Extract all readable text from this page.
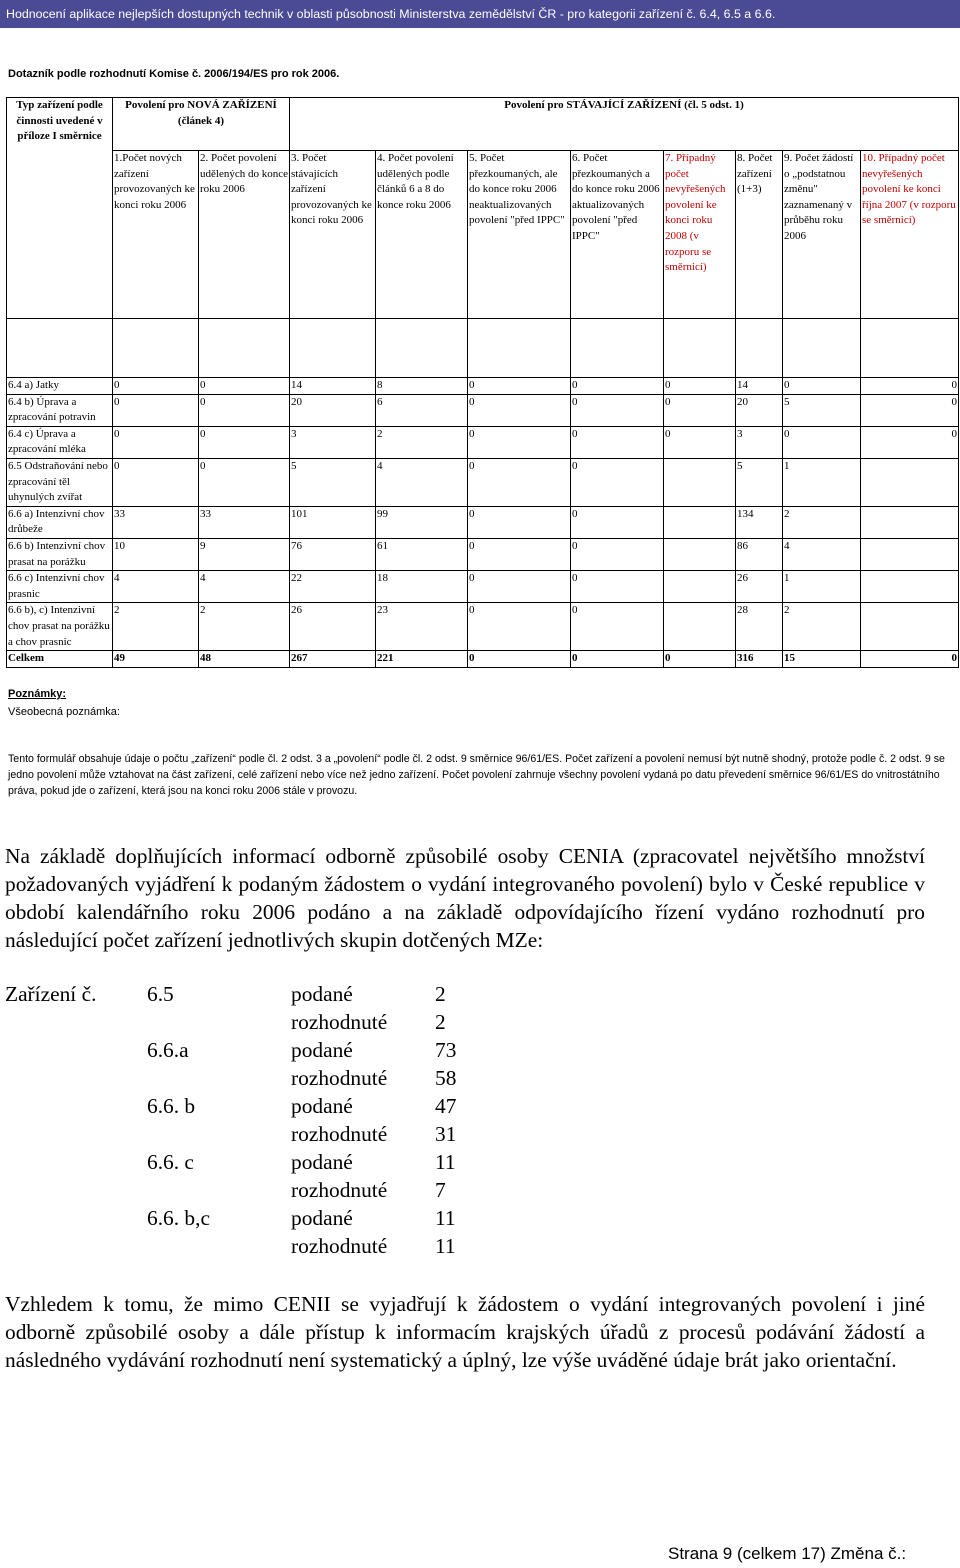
Hodnocení aplikace nejlepších dostupných technik v oblasti působnosti Ministerstva zemědělství ČR - pro kategorii zařízení č. 6.4, 6.5 a 6.6.
Dotazník podle rozhodnutí Komise č. 2006/194/ES pro rok 2006.
Typ zařízení podle činnosti uvedené v příloze I směrnice	Povolení pro NOVÁ ZAŘÍZENÍ (článek 4)		Povolení pro STÁVAJÍCÍ ZAŘÍZENÍ (čl. 5 odst. 1)							
	1.Počet nových zařízení provozovaných ke konci roku 2006	2. Počet povolení udělených do konce roku 2006	3. Počet stávajících zařízení provozovaných ke konci roku 2006	4. Počet povolení udělených podle článků 6 a 8 do konce roku 2006	5. Počet přezkoumaných, ale do konce roku 2006 neaktualizovaných povolení "před IPPC"	6. Počet přezkoumaných a do konce roku 2006 aktualizovaných povolení "před IPPC"	7. Případný počet nevyřešených povolení ke konci roku 2008 (v rozporu se směrnicí)	8. Počet zařízení (1+3)	9. Počet žádostí o „podstatnou změnu" zaznamenaný v průběhu roku 2006	10. Případný počet nevyřešených povolení ke konci října 2007 (v rozporu se směrnicí)

6.4 a) Jatky	0	0	14	8	0	0	0	14	0	0
6.4 b) Úprava a zpracování potravin	0	0	20	6	0	0	0	20	5	0
6.4 c) Úprava a zpracování mléka	0	0	3	2	0	0	0	3	0	0
6.5 Odstraňování nebo zpracování těl uhynulých zvířat	0	0	5	4	0	0		5	1	
6.6 a) Intenzivní chov drůbeže	33	33	101	99	0	0		134	2	
6.6 b) Intenzivní chov prasat na porážku	10	9	76	61	0	0		86	4	
6.6 c) Intenzivní chov prasnic	4	4	22	18	0	0		26	1	
6.6 b), c) Intenzivní chov prasat na porážku a chov prasnic	2	2	26	23	0	0		28	2	
Celkem	49	48	267	221	0	0	0	316	15	0
Poznámky:
Všeobecná poznámka:
Tento formulář obsahuje údaje o počtu „zařízení“ podle čl. 2 odst. 3 a „povolení“ podle čl. 2 odst. 9 směrnice 96/61/ES. Počet zařízení a povolení nemusí být nutně shodný, protože podle č. 2 odst. 9 se jedno povolení může vztahovat na část zařízení, celé zařízení nebo více než jedno zařízení. Počet povolení zahrnuje všechny povolení vydaná po datu převedení směrnice 96/61/ES do vnitrostátního práva, pokud jde o zařízení, která jsou na konci roku 2006 stále v provozu.
Na základě doplňujících informací odborně způsobilé osoby CENIA (zpracovatel největšího množství požadovaných vyjádření k podaným žádostem o vydání integrovaného povolení) bylo v České republice v období kalendářního roku 2006 podáno a na základě odpovídajícího řízení vydáno rozhodnutí pro následující počet zařízení jednotlivých skupin dotčených MZe:
Zařízení č. 6.5	podané	2
rozhodnuté 2
6.6.a	podané	73
rozhodnuté 58
6.6. b	podané	47
rozhodnuté 31
6.6. c	podané	11
rozhodnuté 7
6.6. b,c	podané	11
rozhodnuté 11
Vzhledem k tomu, že mimo CENII se vyjadřují k žádostem o vydání integrovaných povolení i jiné odborně způsobilé osoby a dále přístup k informacím krajských úřadů z procesů podávání žádostí a následného vydávání rozhodnutí není systematický a úplný, lze výše uváděné údaje brát jako orientační.
Strana 9 (celkem 17) Změna č.:
